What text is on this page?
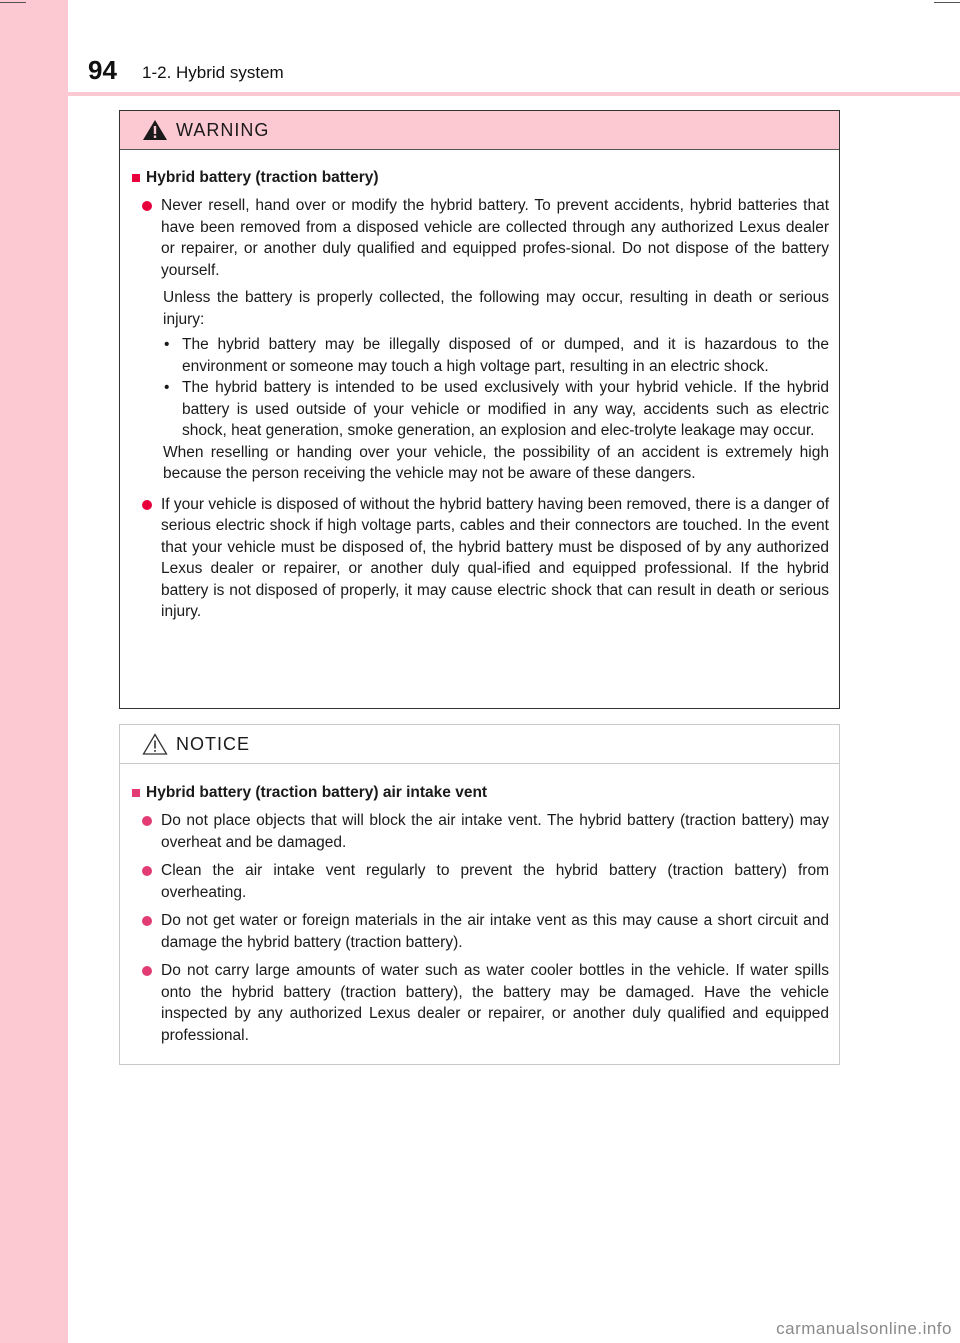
94 1-2. Hybrid system
WARNING
Hybrid battery (traction battery)
Never resell, hand over or modify the hybrid battery. To prevent accidents, hybrid batteries that have been removed from a disposed vehicle are collected through any authorized Lexus dealer or repairer, or another duly qualified and equipped profes-sional. Do not dispose of the battery yourself.
Unless the battery is properly collected, the following may occur, resulting in death or serious injury:
• The hybrid battery may be illegally disposed of or dumped, and it is hazardous to the environment or someone may touch a high voltage part, resulting in an electric shock.
• The hybrid battery is intended to be used exclusively with your hybrid vehicle. If the hybrid battery is used outside of your vehicle or modified in any way, accidents such as electric shock, heat generation, smoke generation, an explosion and elec-trolyte leakage may occur.
When reselling or handing over your vehicle, the possibility of an accident is extremely high because the person receiving the vehicle may not be aware of these dangers.
If your vehicle is disposed of without the hybrid battery having been removed, there is a danger of serious electric shock if high voltage parts, cables and their connectors are touched. In the event that your vehicle must be disposed of, the hybrid battery must be disposed of by any authorized Lexus dealer or repairer, or another duly qual-ified and equipped professional. If the hybrid battery is not disposed of properly, it may cause electric shock that can result in death or serious injury.
NOTICE
Hybrid battery (traction battery) air intake vent
Do not place objects that will block the air intake vent. The hybrid battery (traction battery) may overheat and be damaged.
Clean the air intake vent regularly to prevent the hybrid battery (traction battery) from overheating.
Do not get water or foreign materials in the air intake vent as this may cause a short circuit and damage the hybrid battery (traction battery).
Do not carry large amounts of water such as water cooler bottles in the vehicle. If water spills onto the hybrid battery (traction battery), the battery may be damaged. Have the vehicle inspected by any authorized Lexus dealer or repairer, or another duly qualified and equipped professional.
carmanualsonline.info
